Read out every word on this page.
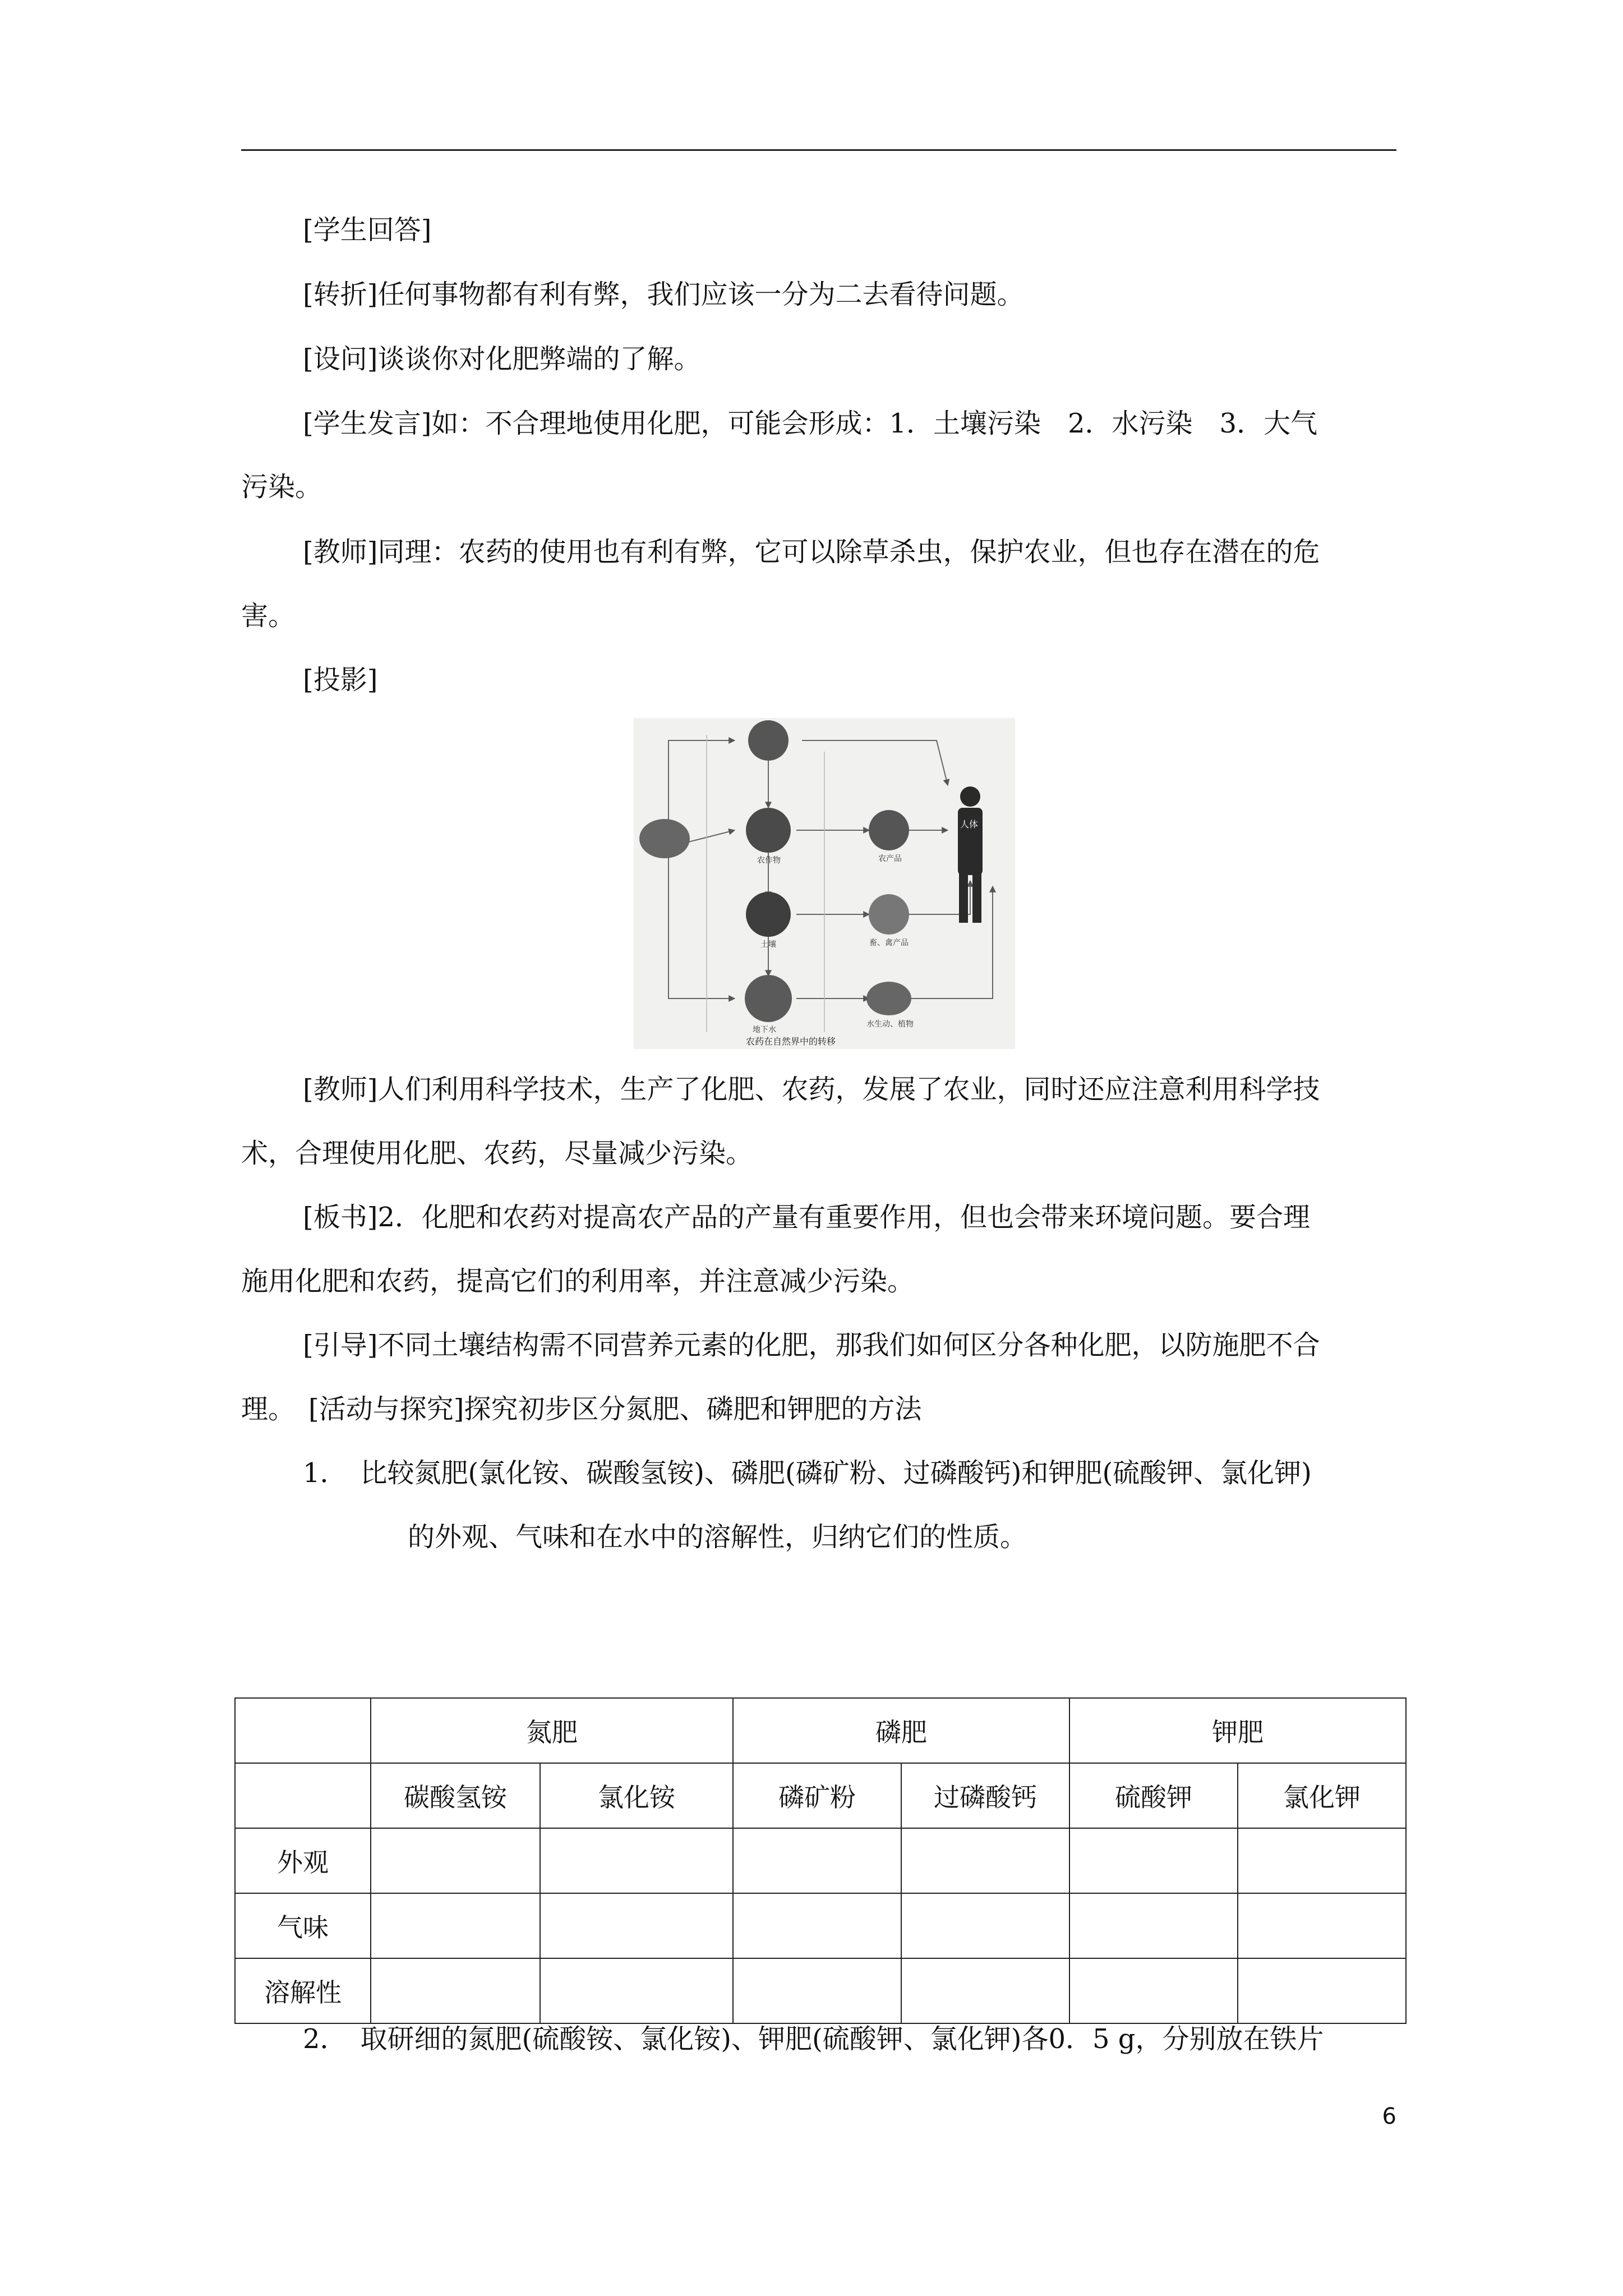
[学生回答]

[转折]任何事物都有利有弊，我们应该一分为二去看待问题。

[设问]谈谈你对化肥弊端的了解。

[学生发言]如：不合理地使用化肥，可能会形成：1．土壤污染　2．水污染　3．大气

污染。

[教师]同理：农药的使用也有利有弊，它可以除草杀虫，保护农业，但也存在潜在的危

害。

[投影]

人体
农作物
土壤
农产品
畜、禽产品
地下水
水生动、植物
农药在自然界中的转移

[教师]人们利用科学技术，生产了化肥、农药，发展了农业，同时还应注意利用科学技

术，合理使用化肥、农药，尽量减少污染。

[板书]2．化肥和农药对提高农产品的产量有重要作用，但也会带来环境问题。要合理

施用化肥和农药，提高它们的利用率，并注意减少污染。

[引导]不同土壤结构需不同营养元素的化肥，那我们如何区分各种化肥，以防施肥不合

理。　[活动与探究]探究初步区分氮肥、磷肥和钾肥的方法

1．　比较氮肥(氯化铵、碳酸氢铵)、磷肥(磷矿粉、过磷酸钙)和钾肥(硫酸钾、氯化钾)

的外观、气味和在水中的溶解性，归纳它们的性质。

	氮肥		磷肥		钾肥	
	碳酸氢铵	氯化铵	磷矿粉	过磷酸钙	硫酸钾	氯化钾
外观						
气味						
溶解性						

2．　取研细的氮肥(硫酸铵、氯化铵)、钾肥(硫酸钾、氯化钾)各0．5 g，分别放在铁片

6
